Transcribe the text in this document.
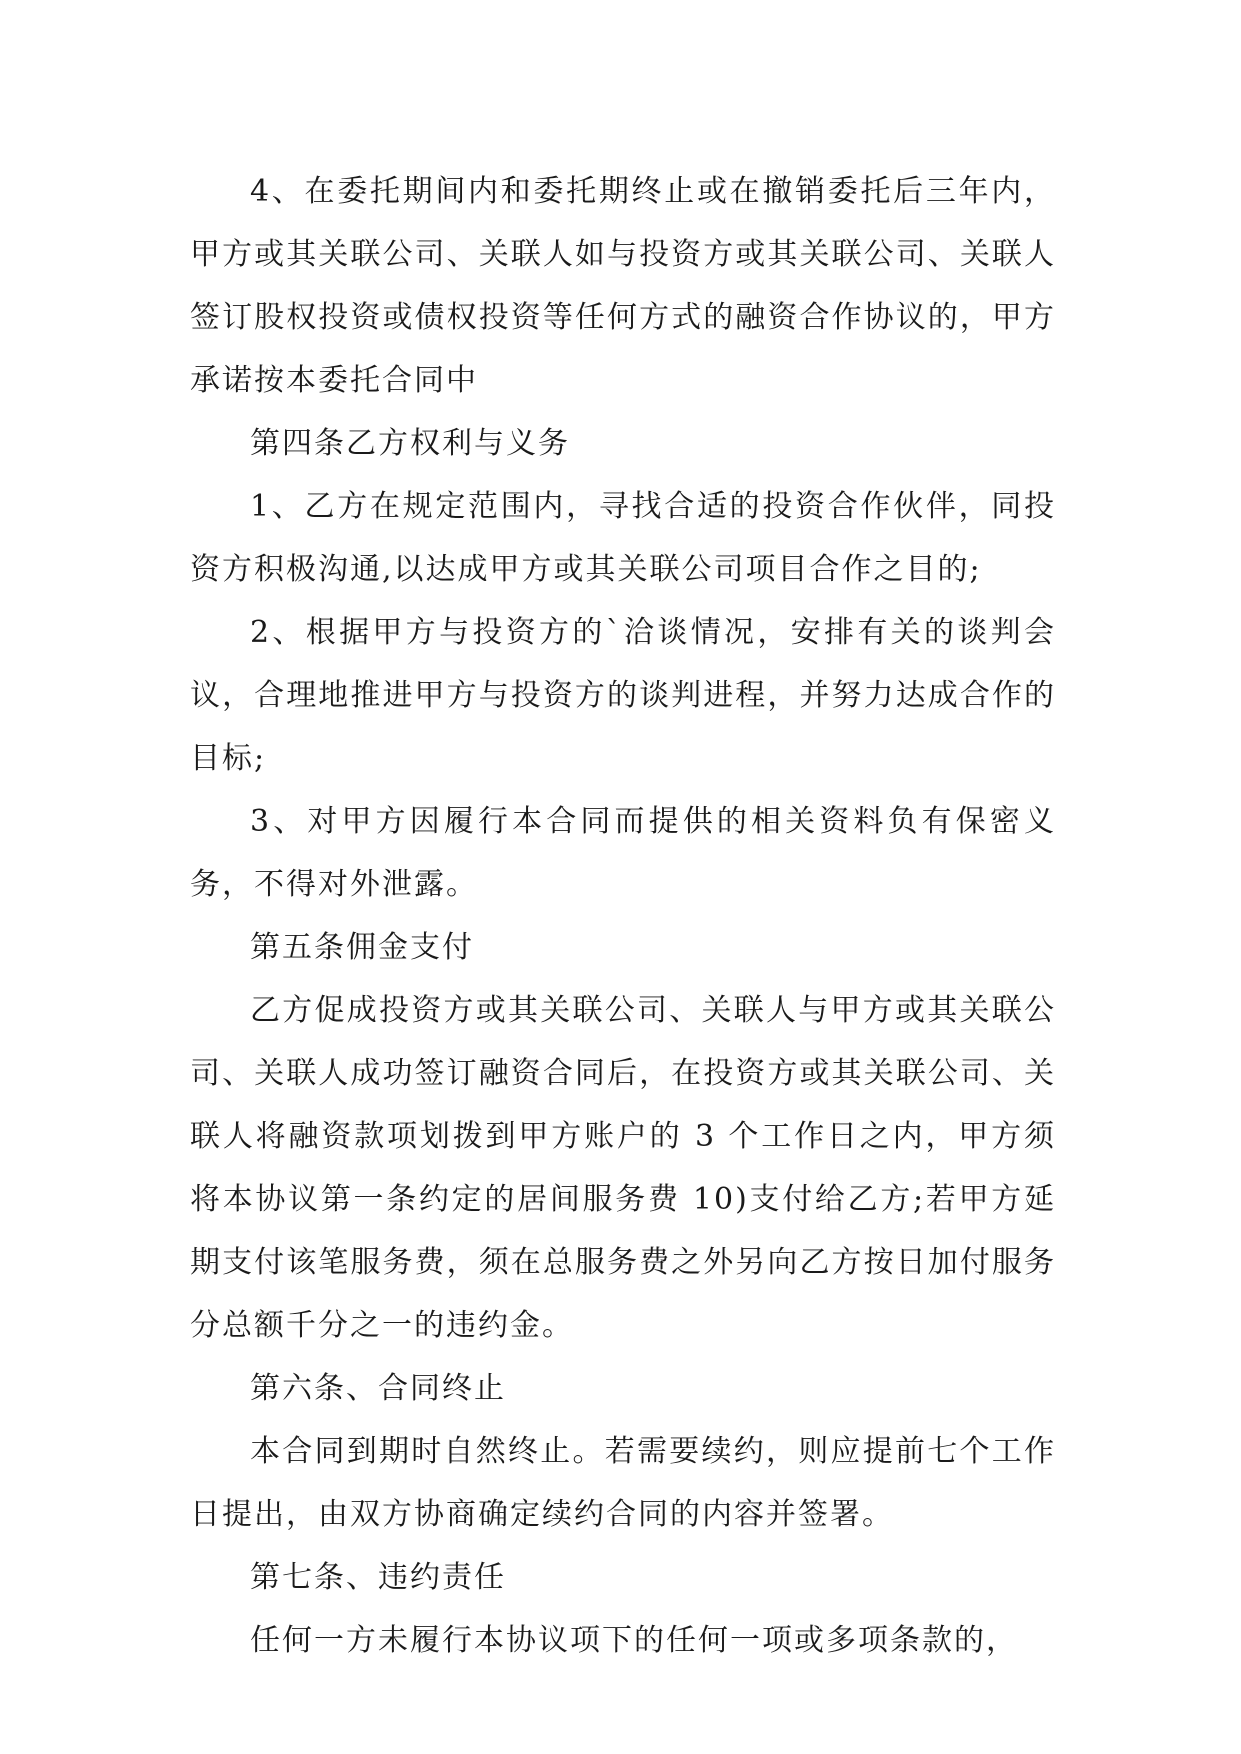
4、在委托期间内和委托期终止或在撤销委托后三年内，甲方或其关联公司、关联人如与投资方或其关联公司、关联人签订股权投资或债权投资等任何方式的融资合作协议的，甲方承诺按本委托合同中

第四条乙方权利与义务

1、乙方在规定范围内，寻找合适的投资合作伙伴，同投资方积极沟通,以达成甲方或其关联公司项目合作之目的;

2、根据甲方与投资方的`洽谈情况，安排有关的谈判会议，合理地推进甲方与投资方的谈判进程，并努力达成合作的目标;

3、对甲方因履行本合同而提供的相关资料负有保密义务，不得对外泄露。

第五条佣金支付

乙方促成投资方或其关联公司、关联人与甲方或其关联公司、关联人成功签订融资合同后，在投资方或其关联公司、关联人将融资款项划拨到甲方账户的 3 个工作日之内，甲方须将本协议第一条约定的居间服务费 10)支付给乙方;若甲方延期支付该笔服务费，须在总服务费之外另向乙方按日加付服务分总额千分之一的违约金。

第六条、合同终止

本合同到期时自然终止。若需要续约，则应提前七个工作日提出，由双方协商确定续约合同的内容并签署。

第七条、违约责任

任何一方未履行本协议项下的任何一项或多项条款的，
